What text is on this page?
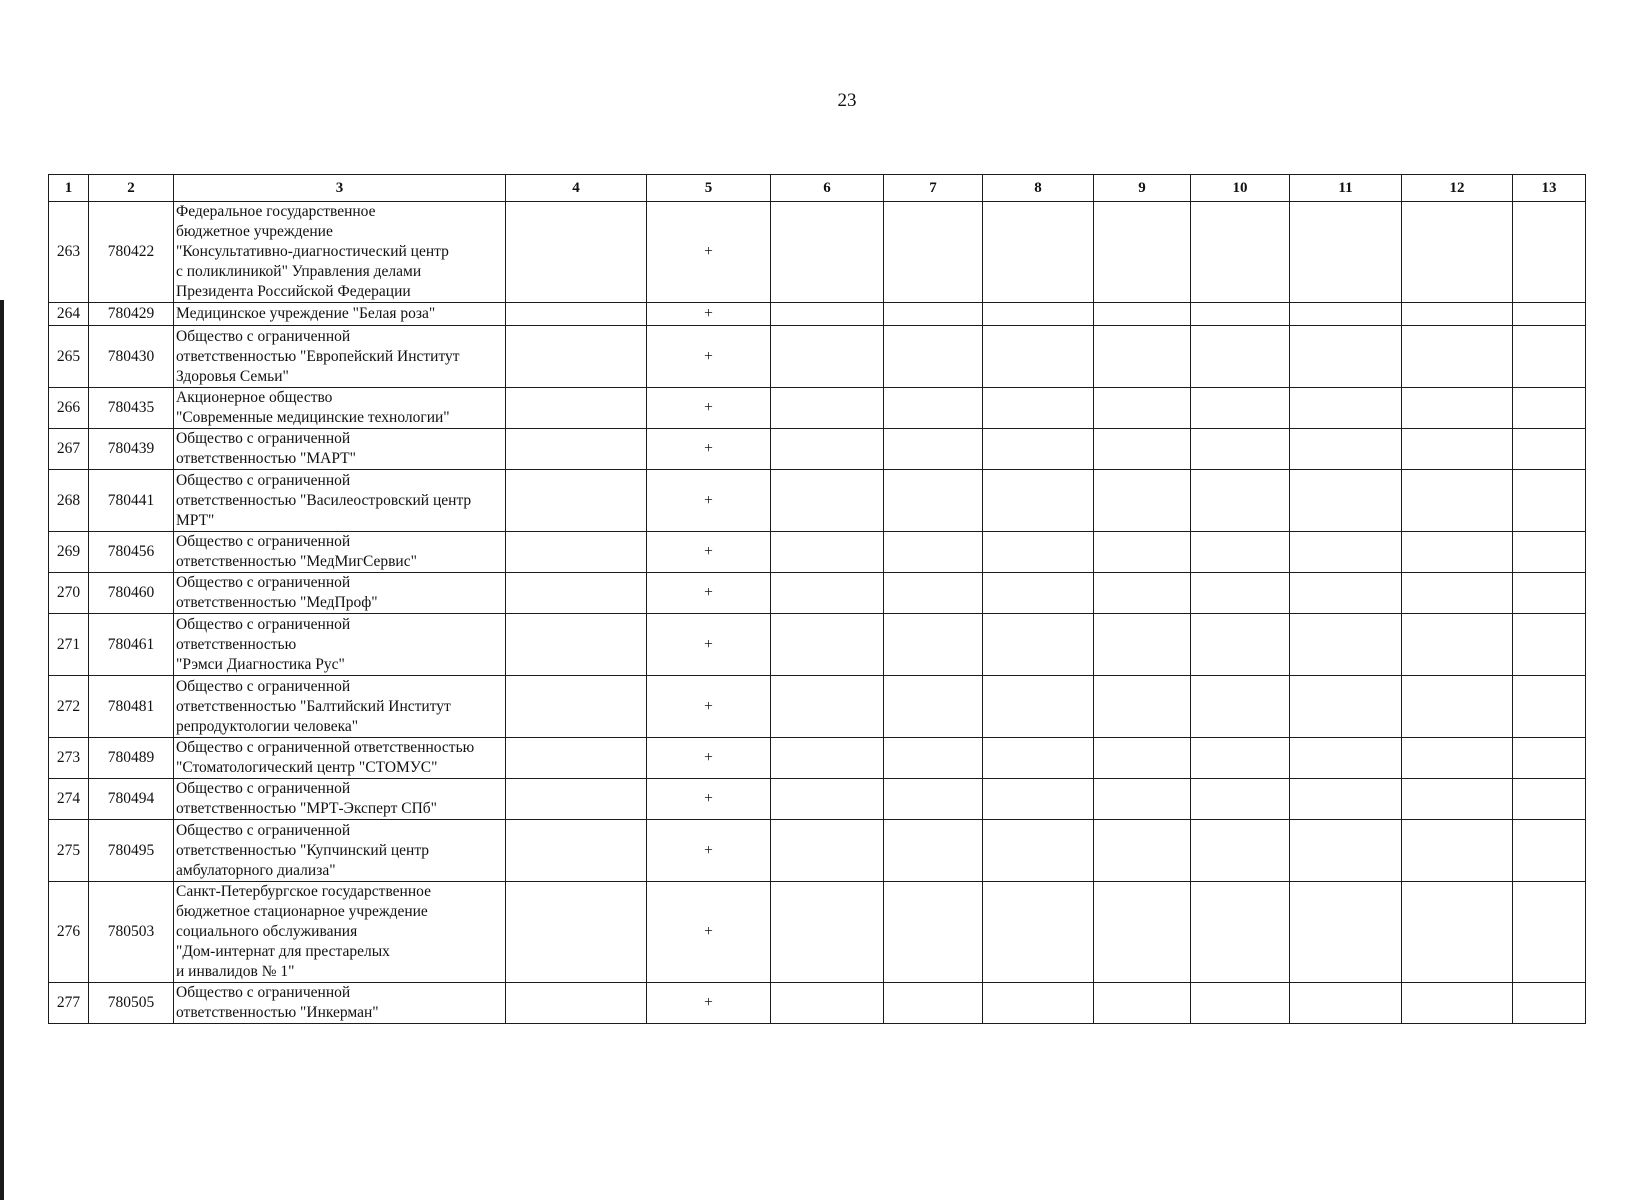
23
1	2	3	4	5	6	7	8	9	10	11	12	13
263	780422	Федеральное государственное
бюджетное учреждение
"Консультативно-диагностический центр
с поликлиникой" Управления делами
Президента Российской Федерации		+								
264	780429	Медицинское учреждение "Белая роза"		+								
265	780430	Общество с ограниченной
ответственностью "Европейский Институт
Здоровья Семьи"		+								
266	780435	Акционерное общество
"Современные медицинские технологии"		+								
267	780439	Общество с ограниченной
ответственностью "МАРТ"		+								
268	780441	Общество с ограниченной
ответственностью "Василеостровский центр
МРТ"		+								
269	780456	Общество с ограниченной
ответственностью "МедМигСервис"		+								
270	780460	Общество с ограниченной
ответственностью "МедПроф"		+								
271	780461	Общество с ограниченной
ответственностью
"Рэмси Диагностика Рус"		+								
272	780481	Общество с ограниченной
ответственностью "Балтийский Институт
репродуктологии человека"		+								
273	780489	Общество с ограниченной ответственностью
"Стоматологический центр "СТОМУС"		+								
274	780494	Общество с ограниченной
ответственностью "МРТ-Эксперт СПб"		+								
275	780495	Общество с ограниченной
ответственностью "Купчинский центр
амбулаторного диализа"		+								
276	780503	Санкт-Петербургское государственное
бюджетное стационарное учреждение
социального обслуживания
"Дом-интернат для престарелых
и инвалидов № 1"		+								
277	780505	Общество с ограниченной
ответственностью "Инкерман"		+								
